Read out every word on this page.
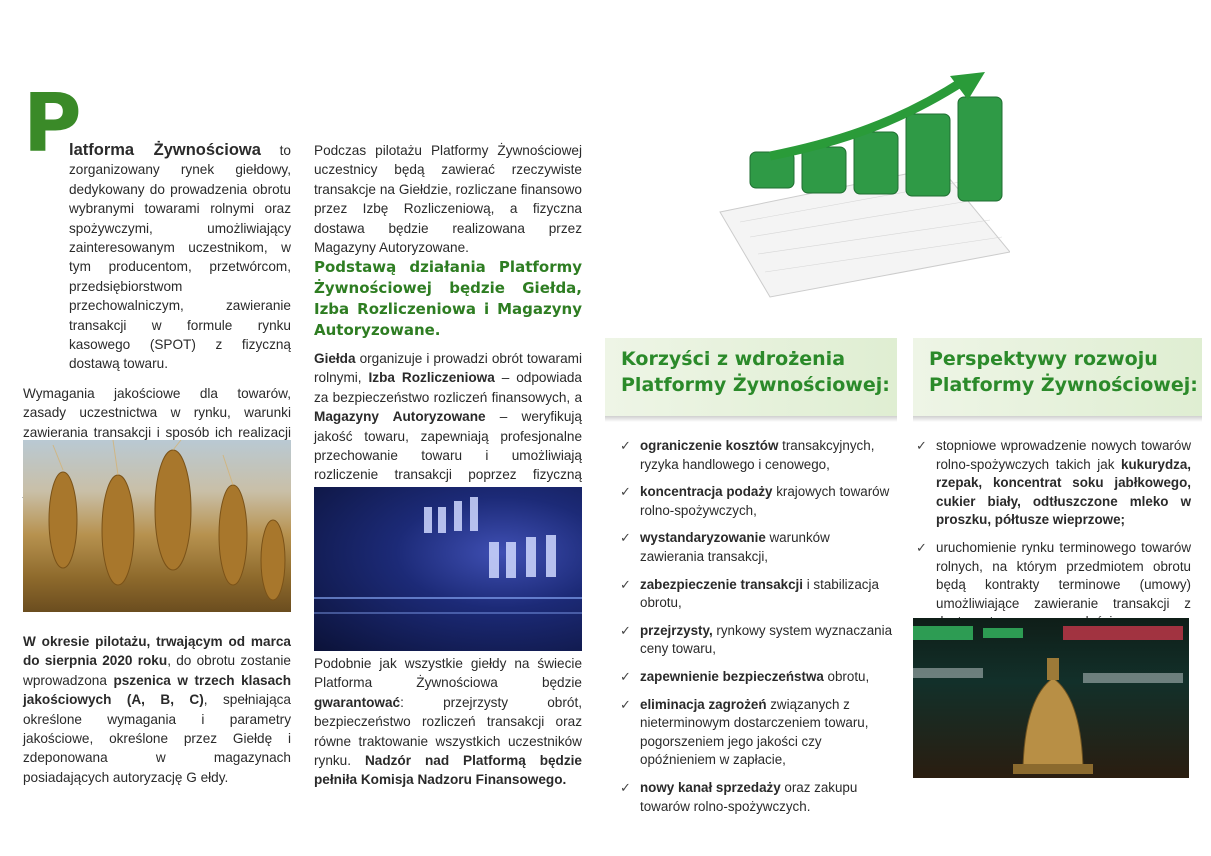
P

latforma Żywnościowa to zorganizowany rynek giełdowy, dedykowany do prowadzenia obrotu wybranymi towarami rolnymi oraz spożywczymi, umożliwiający zainteresowanym uczestnikom, w tym producentom, przetwórcom, przedsiębiorstwom przechowalniczym, zawieranie transakcji w formule rynku kasowego (SPOT) z fizyczną dostawą towaru.

Wymagania jakościowe dla towarów, zasady uczestnictwa w rynku, warunki zawierania transakcji i sposób ich realizacji

W okresie pilotażu, trwającym od marca do sierpnia 2020 roku, do obrotu zostanie wprowadzona pszenica w trzech klasach jakościowych (A, B, C), spełniająca określone wymagania i parametry jakościowe, określone przez Giełdę i zdeponowana w magazynach posiadających autoryzację G ełdy.

Podczas pilotażu Platformy Żywnościowej uczestnicy będą zawierać rzeczywiste transakcje na Giełdzie, rozliczane finansowo przez Izbę Rozliczeniową, a fizyczna dostawa będzie realizowana przez Magazyny Autoryzowane.
Podstawą działania Platformy Żywnościowej będzie Giełda, Izba Rozliczeniowa i Magazyny Autoryzowane.

Giełda organizuje i prowadzi obrót towarami rolnymi, Izba Rozliczeniowa – odpowiada za bezpieczeństwo rozliczeń finansowych, a Magazyny Autoryzowane – weryfikują jakość towaru, zapewniają profesjonalne przechowanie towaru i umożliwiają rozliczenie transakcji poprzez fizyczną

Podobnie jak wszystkie giełdy na świecie Platforma Żywnościowa będzie gwarantować: przejrzysty obrót, bezpieczeństwo rozliczeń transakcji oraz równe traktowanie wszystkich uczestników rynku. Nadzór nad Platformą będzie pełniła Komisja Nadzoru Finansowego.

Korzyści z wdrożenia
Platformy Żywnościowej:
✓ ograniczenie kosztów transakcyjnych, ryzyka handlowego i cenowego,
✓ koncentracja podaży krajowych towarów rolno-spożywczych,
✓ wystandaryzowanie warunków zawierania transakcji,
✓ zabezpieczenie transakcji i stabilizacja obrotu,
✓ przejrzysty, rynkowy system wyznaczania ceny towaru,
✓ zapewnienie bezpieczeństwa obrotu,
✓ eliminacja zagrożeń związanych z nieterminowym dostarczeniem towaru, pogorszeniem jego jakości czy opóźnieniem w zapłacie,
✓ nowy kanał sprzedaży oraz zakupu towarów rolno-spożywczych.
Perspektywy rozwoju
Platformy Żywnościowej:
✓ stopniowe wprowadzenie nowych towarów rolno-spożywczych takich jak kukurydza, rzepak, koncentrat soku jabłkowego, cukier biały, odtłuszczone mleko w proszku, półtusze wieprzowe;
✓ uruchomienie rynku terminowego towarów rolnych, na którym przedmiotem obrotu będą kontrakty terminowe (umowy) umożliwiające zawieranie transakcji z
